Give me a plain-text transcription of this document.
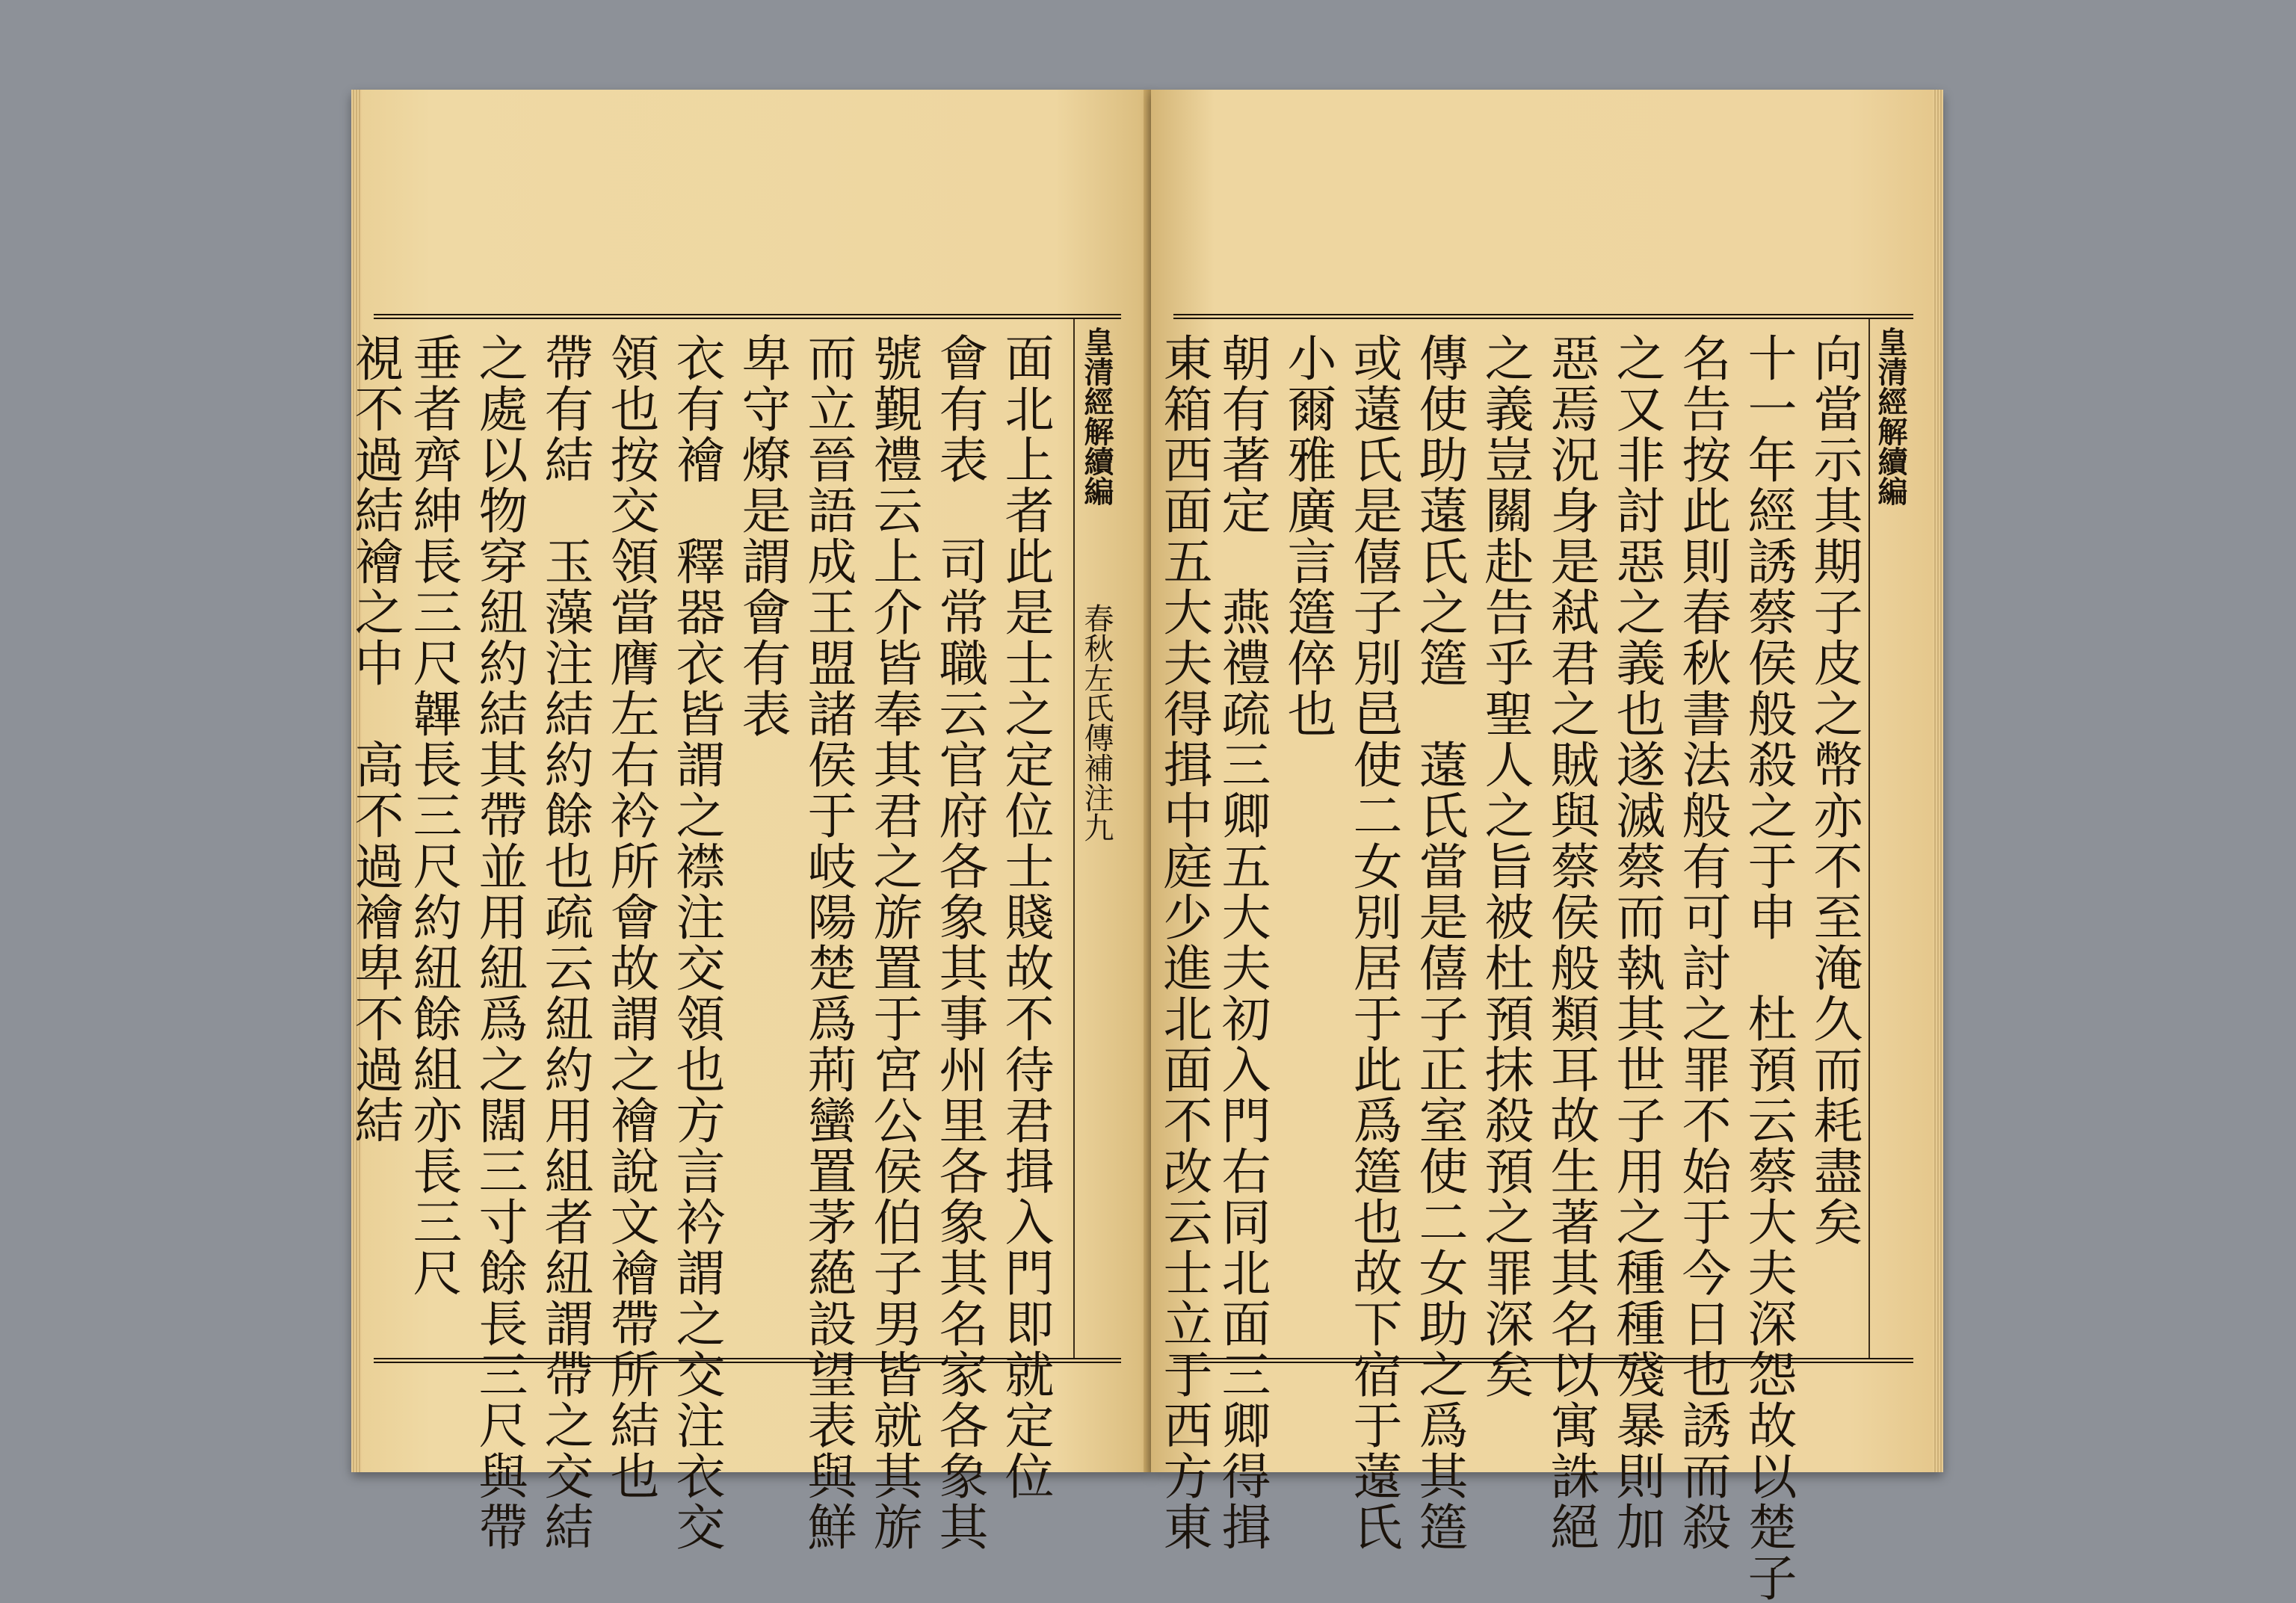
皇清經解續編
春秋左氏傳補注九
面北上者此是士之定位士賤故不待君揖入門即就定位
會有表　司常職云官府各象其事州里各象其名家各象其
號覲禮云上介皆奉其君之旂置于宮公侯伯子男皆就其旂
而立晉語成王盟諸侯于岐陽楚爲荊蠻置茅蕝設望表與鮮
卑守燎是謂會有表
衣有襘　釋器衣皆謂之襟注交領也方言衿謂之交注衣交
領也按交領當膺左右衿所會故謂之襘說文襘帶所結也
帶有結　玉藻注結約餘也疏云紐約用組者紐謂帶之交結
之處以物穿紐約結其帶並用紐爲之闊三寸餘長三尺與帶
垂者齊紳長三尺韠長三尺約紐餘組亦長三尺
視不過結襘之中　高不過襘卑不過結	皇清經解續編
向當示其期子皮之幣亦不至淹久而耗盡矣
十一年經誘蔡侯般殺之于申　杜預云蔡大夫深怨故以楚子
名告按此則春秋書法般有可討之罪不始于今日也誘而殺
之又非討惡之義也遂滅蔡而執其世子用之種種殘暴則加
惡焉況身是弒君之賊與蔡侯般類耳故生著其名以寓誅絕
之義豈關赴告乎聖人之旨被杜預抹殺預之罪深矣
傳使助薳氏之簉　薳氏當是僖子正室使二女助之爲其簉
或薳氏是僖子別邑使二女別居于此爲簉也故下宿于薳氏
小爾雅廣言簉倅也
朝有著定　燕禮疏三卿五大夫初入門右同北面三卿得揖
東箱西面五大夫得揖中庭少進北面不改云士立于西方東
